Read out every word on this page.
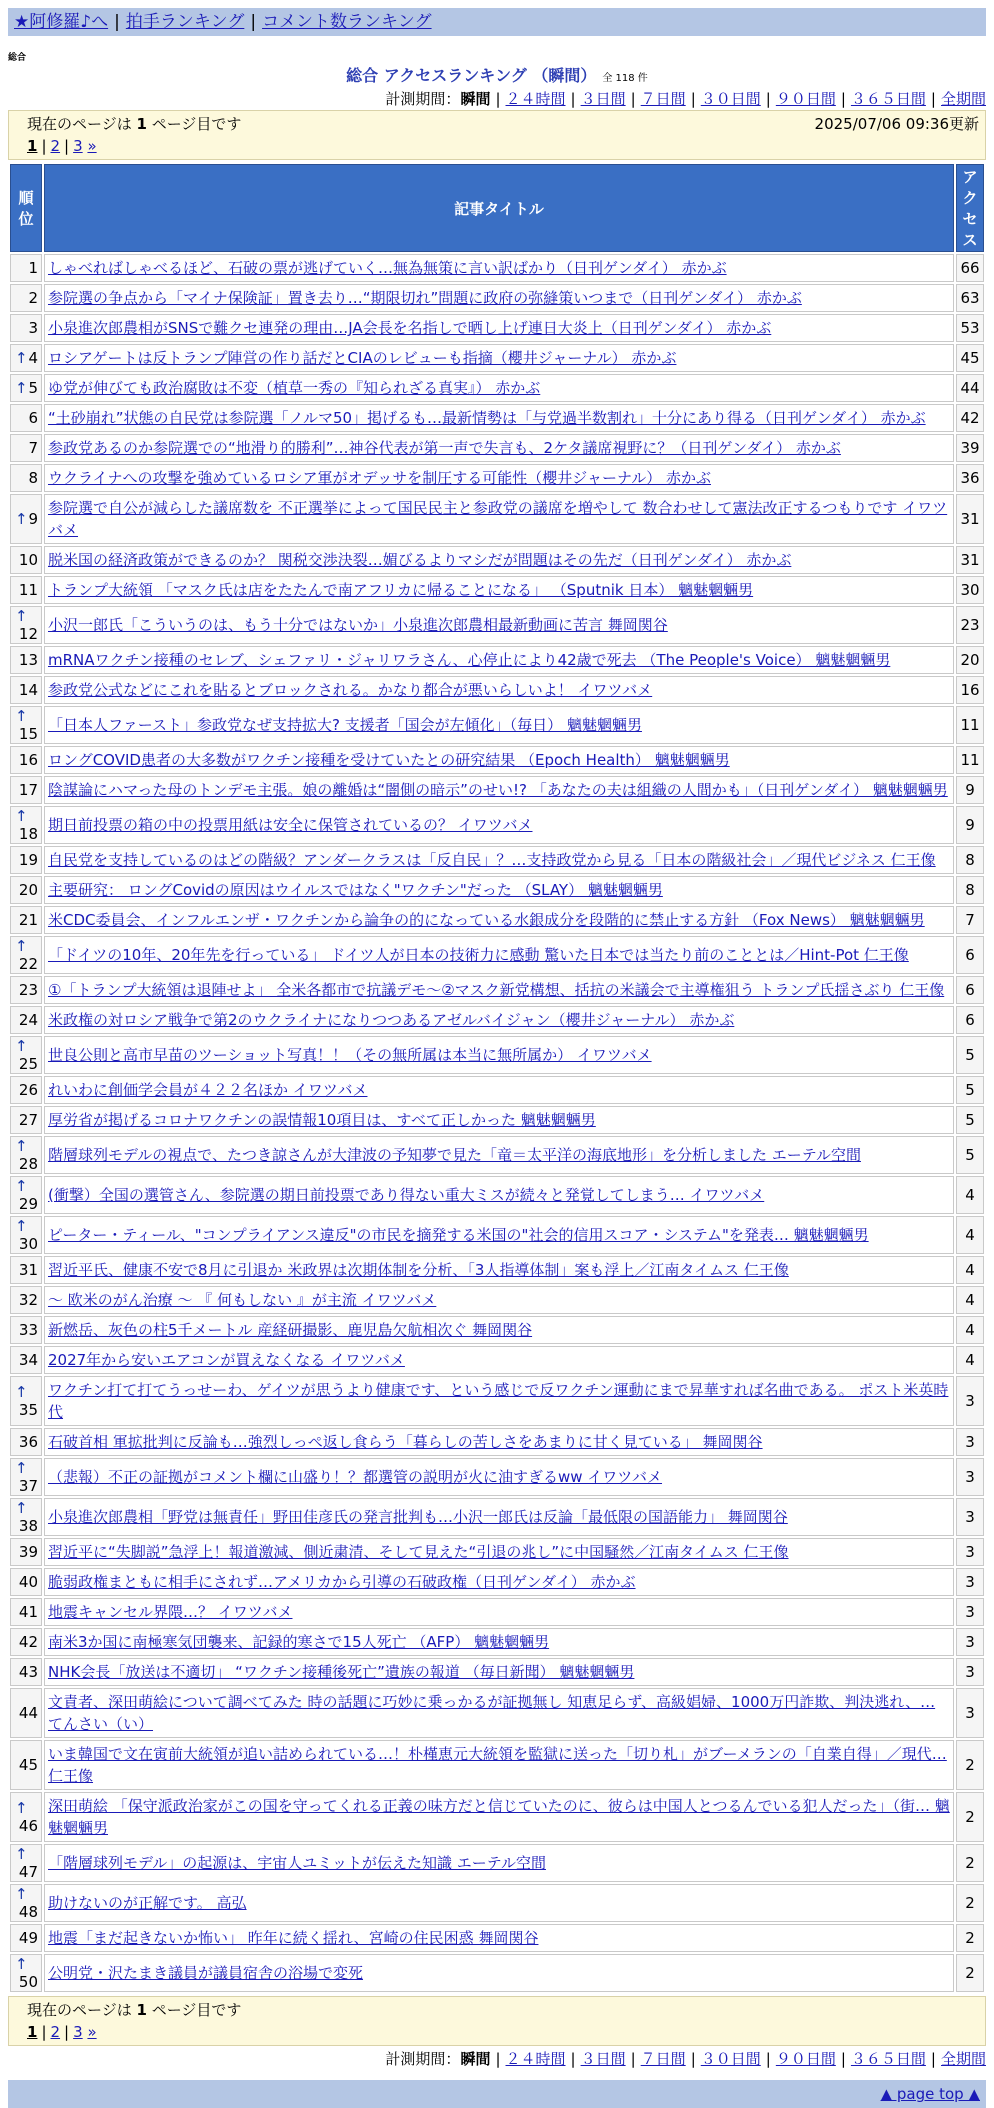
★阿修羅♪へ | 拍手ランキング | コメント数ランキング
総合
総合 アクセスランキング （瞬間） 全 118 件
計測期間：瞬間 | ２４時間 | ３日間 | ７日間 | ３０日間 | ９０日間 | ３６５日間 | 全期間
現在のページは 1 ページ目です	2025/07/06 09:36更新
1 | 2 | 3 »
順位	記事タイトル	アクセス
1	しゃべればしゃべるほど、石破の票が逃げていく…無為無策に言い訳ばかり（日刊ゲンダイ） 赤かぶ	66
2	参院選の争点から「マイナ保険証」置き去り…“期限切れ”問題に政府の弥縫策いつまで（日刊ゲンダイ） 赤かぶ	63
3	小泉進次郎農相がSNSで難クセ連発の理由…JA会長を名指しで晒し上げ連日大炎上（日刊ゲンダイ） 赤かぶ	53

↑ 4	ロシアゲートは反トランプ陣営の作り話だとCIAのレビューも指摘（櫻井ジャーナル） 赤かぶ	45

↑ 5	ゆ党が伸びても政治腐敗は不変（植草一秀の『知られざる真実』） 赤かぶ	44
6	“土砂崩れ”状態の自民党は参院選「ノルマ50」掲げるも…最新情勢は「与党過半数割れ」十分にあり得る（日刊ゲンダイ） 赤かぶ	42
7	参政党あるのか参院選での“地滑り的勝利”…神谷代表が第一声で失言も、2ケタ議席視野に？（日刊ゲンダイ） 赤かぶ	39
8	ウクライナへの攻撃を強めているロシア軍がオデッサを制圧する可能性（櫻井ジャーナル） 赤かぶ	36

↑ 9	参院選で自公が減らした議席数を 不正選挙によって国民民主と参政党の議席を増やして 数合わせして憲法改正するつもりです イワツバメ	31
10	脱米国の経済政策ができるのか？ 関税交渉決裂…媚びるよりマシだが問題はその先だ（日刊ゲンダイ） 赤かぶ	31
11	トランプ大統領 「マスク氏は店をたたんで南アフリカに帰ることになる」 （Sputnik 日本） 魑魅魍魎男	30

↑
12	小沢一郎氏「こういうのは、もう十分ではないか」小泉進次郎農相最新動画に苦言 舞岡関谷	23
13	mRNAワクチン接種のセレブ、シェファリ・ジャリワラさん、心停止により42歳で死去 （The People's Voice） 魑魅魍魎男	20
14	参政党公式などにこれを貼るとブロックされる。かなり都合が悪いらしいよ！ イワツバメ	16

↑
15	「日本人ファースト」参政党なぜ支持拡大? 支援者「国会が左傾化」（毎日） 魑魅魍魎男	11
16	ロングCOVID患者の大多数がワクチン接種を受けていたとの研究結果 （Epoch Health） 魑魅魍魎男	11
17	陰謀論にハマった母のトンデモ主張。娘の離婚は“闇側の暗示”のせい!? 「あなたの夫は組織の人間かも」（日刊ゲンダイ） 魑魅魍魎男	9

↑
18	期日前投票の箱の中の投票用紙は安全に保管されているの？ イワツバメ	9
19	自民党を支持しているのはどの階級？アンダークラスは「反自民」？…支持政党から見る「日本の階級社会」／現代ビジネス 仁王像	8
20	主要研究： ロングCovidの原因はウイルスではなく"ワクチン"だった （SLAY） 魑魅魍魎男	8
21	米CDC委員会、インフルエンザ・ワクチンから論争の的になっている水銀成分を段階的に禁止する方針 （Fox News） 魑魅魍魎男	7

↑
22	「ドイツの10年、20年先を行っている」 ドイツ人が日本の技術力に感動 驚いた日本では当たり前のこととは／Hint-Pot 仁王像	6
23	①「トランプ大統領は退陣せよ」 全米各都市で抗議デモ～②マスク新党構想、括抗の米議会で主導権狙う トランプ氏揺さぶり 仁王像	6
24	米政権の対ロシア戦争で第2のウクライナになりつつあるアゼルバイジャン（櫻井ジャーナル） 赤かぶ	6

↑
25	世良公則と高市早苗のツーショット写真！！（その無所属は本当に無所属か） イワツバメ	5
26	れいわに創価学会員が４２２名ほか イワツバメ	5
27	厚労省が掲げるコロナワクチンの誤情報10項目は、すべて正しかった 魑魅魍魎男	5

↑
28	階層球列モデルの視点で、たつき諒さんが大津波の予知夢で見た「竜＝太平洋の海底地形」を分析しました エーテル空間	5

↑
29	(衝撃）全国の選管さん、参院選の期日前投票であり得ない重大ミスが続々と発覚してしまう… イワツバメ	4

↑
30	ピーター・ティール、"コンプライアンス違反"の市民を摘発する米国の"社会的信用スコア・システム"を発表… 魑魅魍魎男	4
31	習近平氏、健康不安で8月に引退か 米政界は次期体制を分析、「3人指導体制」案も浮上／江南タイムス 仁王像	4
32	～ 欧米のがん治療 ～ 『 何もしない 』が主流 イワツバメ	4
33	新燃岳、灰色の柱5千メートル 産経研撮影、鹿児島欠航相次ぐ 舞岡関谷	4
34	2027年から安いエアコンが買えなくなる イワツバメ	4

↑
35	ワクチン打て打てうっせーわ、ゲイツが思うより健康です、という感じで反ワクチン運動にまで昇華すれば名曲である。 ポスト米英時代	3
36	石破首相 軍拡批判に反論も…強烈しっぺ返し食らう「暮らしの苦しさをあまりに甘く見ている」 舞岡関谷	3

↑
37	（悲報）不正の証拠がコメント欄に山盛り！？都選管の説明が火に油すぎるww イワツバメ	3

↑
38	小泉進次郎農相「野党は無責任」野田佳彦氏の発言批判も…小沢一郎氏は反論「最低限の国語能力」 舞岡関谷	3
39	習近平に“失脚説”急浮上！報道激減、側近粛清、そして見えた“引退の兆し”に中国騒然／江南タイムス 仁王像	3
40	脆弱政権まともに相手にされず…アメリカから引導の石破政権（日刊ゲンダイ） 赤かぶ	3
41	地震キャンセル界隈…？ イワツバメ	3
42	南米3か国に南極寒気団襲来、記録的寒さで15人死亡 （AFP） 魑魅魍魎男	3
43	NHK会長「放送は不適切」 “ワクチン接種後死亡”遺族の報道 （毎日新聞） 魑魅魍魎男	3
44	文責者、深田萌絵について調べてみた 時の話題に巧妙に乗っかるが証拠無し 知恵足らず、高級娼婦、1000万円詐欺、判決逃れ、… てんさい（い）	3
45	いま韓国で文在寅前大統領が追い詰められている…！朴槿恵元大統領を監獄に送った「切り札」がブーメランの「自業自得」／現代… 仁王像	2

↑
46	深田萌絵 「保守派政治家がこの国を守ってくれる正義の味方だと信じていたのに、彼らは中国人とつるんでいる犯人だった」（街… 魑魅魍魎男	2

↑
47	「階層球列モデル」の起源は、宇宙人ユミットが伝えた知識 エーテル空間	2

↑
48	助けないのが正解です。 高弘	2
49	地震「まだ起きないか怖い」 昨年に続く揺れ、宮崎の住民困惑 舞岡関谷	2

↑
50	公明党・沢たまき議員が議員宿舎の浴場で変死	2
現在のページは 1 ページ目です
1 | 2 | 3 »
計測期間：瞬間 | ２４時間 | ３日間 | ７日間 | ３０日間 | ９０日間 | ３６５日間 | 全期間
▲ page top ▲
